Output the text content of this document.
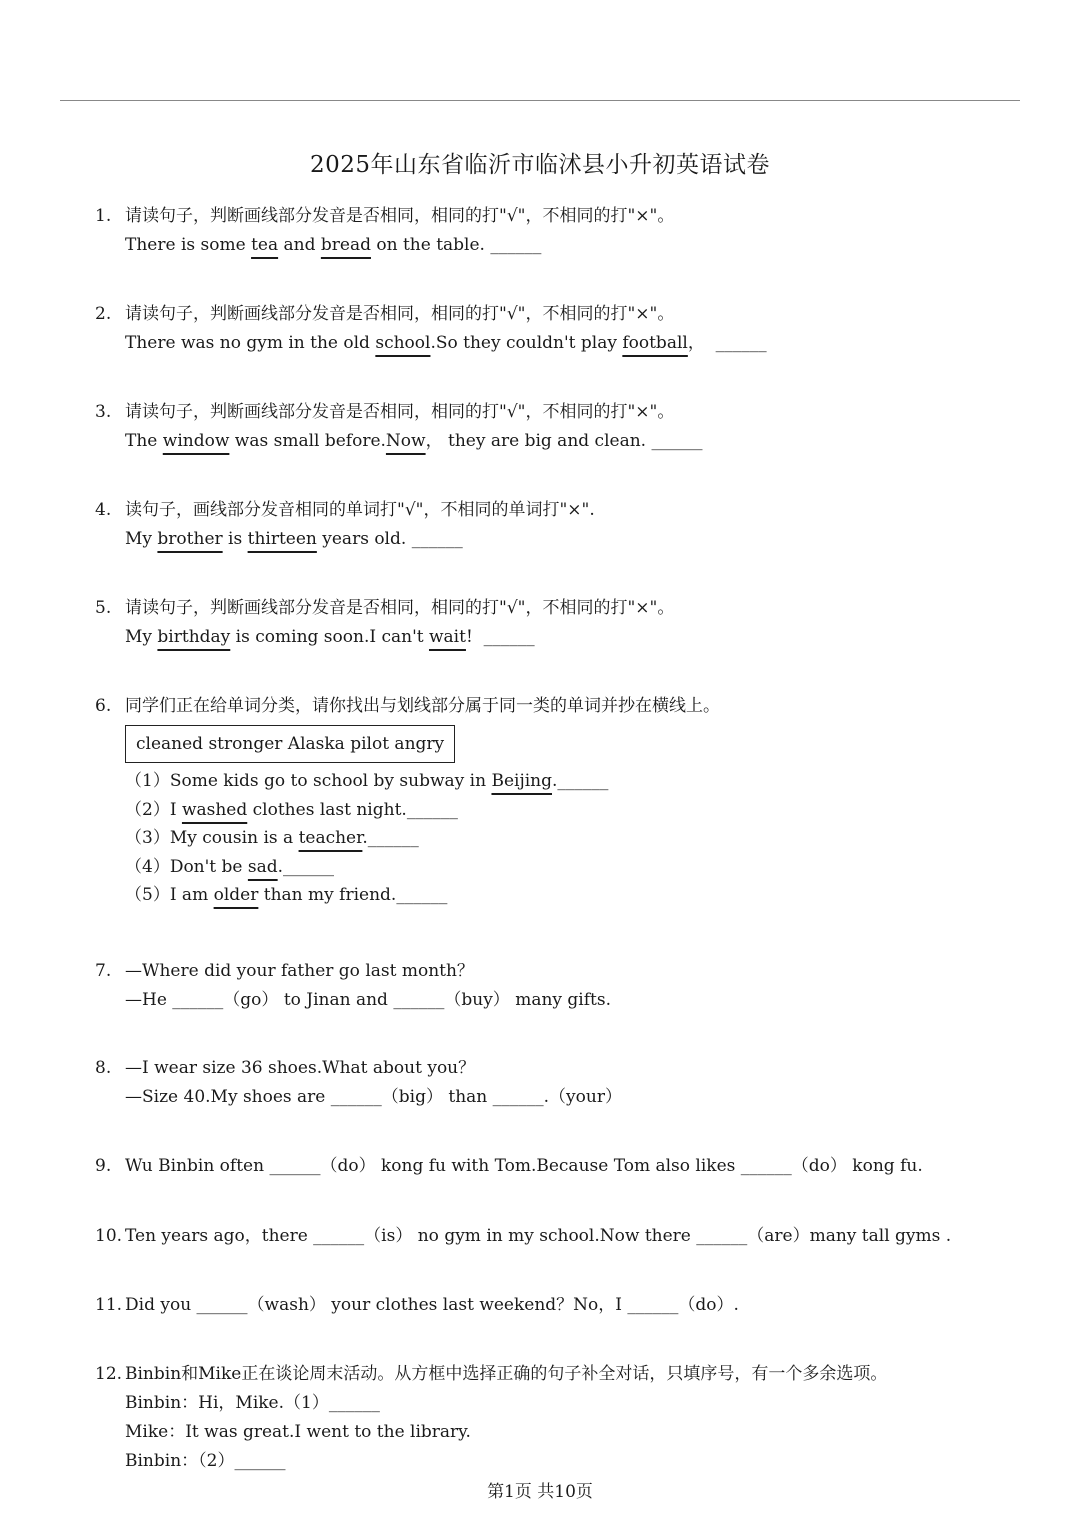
2025年山东省临沂市临沭县小升初英语试卷
1. 请读句子，判断画线部分发音是否相同，相同的打"√"，不相同的打"×"。
There is some tea and bread on the table. ______
2. 请读句子，判断画线部分发音是否相同，相同的打"√"，不相同的打"×"。
There was no gym in the old school.So they couldn't play football，  ______
3. 请读句子，判断画线部分发音是否相同，相同的打"√"，不相同的打"×"。
The window was small before.Now， they are big and clean. ______
4. 读句子，画线部分发音相同的单词打"√"，不相同的单词打"×".
My brother is thirteen years old. ______
5. 请读句子，判断画线部分发音是否相同，相同的打"√"，不相同的打"×"。
My birthday is coming soon.I can't wait!  ______
6. 同学们正在给单词分类，请你找出与划线部分属于同一类的单词并抄在横线上。
cleaned stronger Alaska pilot angry
（1）Some kids go to school by subway in Beijing.______
（2）I washed clothes last night.______
（3）My cousin is a teacher.______
（4）Don't be sad.______
（5）I am older than my friend.______
7. —Where did your father go last month？
—He ______（go） to Jinan and ______（buy） many gifts.
8. —I wear size 36 shoes.What about you？
—Size 40.My shoes are ______（big） than ______.（your）
9. Wu Binbin often ______（do） kong fu with Tom.Because Tom also likes ______（do） kong fu.
10. Ten years ago，there ______（is） no gym in my school.Now there ______（are）many tall gyms .
11. Did you ______（wash） your clothes last weekend？No，I ______（do）.
12. Binbin和Mike正在谈论周末活动。从方框中选择正确的句子补全对话，只填序号，有一个多余选项。
Binbin：Hi，Mike.（1）______
Mike：It was great.I went to the library.
Binbin：（2）______
第1页 共10页
